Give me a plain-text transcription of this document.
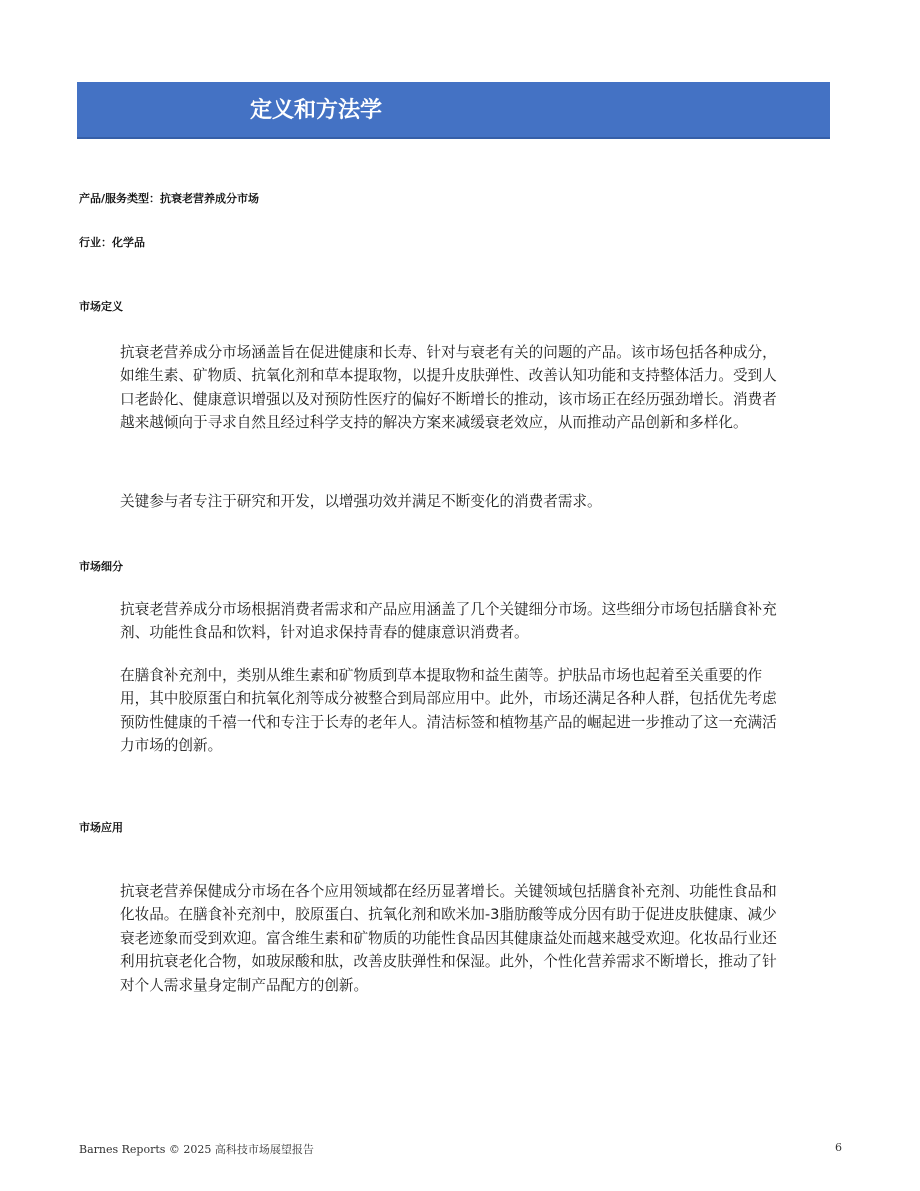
定义和方法学

产品/服务类型：抗衰老营养成分市场

行业：化学品

市场定义

抗衰老营养成分市场涵盖旨在促进健康和长寿、针对与衰老有关的问题的产品。该市场包括各种成分，如维生素、矿物质、抗氧化剂和草本提取物，以提升皮肤弹性、改善认知功能和支持整体活力。受到人口老龄化、健康意识增强以及对预防性医疗的偏好不断增长的推动，该市场正在经历强劲增长。消费者越来越倾向于寻求自然且经过科学支持的解决方案来减缓衰老效应，从而推动产品创新和多样化。

关键参与者专注于研究和开发，以增强功效并满足不断变化的消费者需求。

市场细分

抗衰老营养成分市场根据消费者需求和产品应用涵盖了几个关键细分市场。这些细分市场包括膳食补充剂、功能性食品和饮料，针对追求保持青春的健康意识消费者。

在膳食补充剂中，类别从维生素和矿物质到草本提取物和益生菌等。护肤品市场也起着至关重要的作用，其中胶原蛋白和抗氧化剂等成分被整合到局部应用中。此外，市场还满足各种人群，包括优先考虑预防性健康的千禧一代和专注于长寿的老年人。清洁标签和植物基产品的崛起进一步推动了这一充满活力市场的创新。

市场应用

抗衰老营养保健成分市场在各个应用领域都在经历显著增长。关键领域包括膳食补充剂、功能性食品和化妆品。在膳食补充剂中，胶原蛋白、抗氧化剂和欧米加-3脂肪酸等成分因有助于促进皮肤健康、减少衰老迹象而受到欢迎。富含维生素和矿物质的功能性食品因其健康益处而越来越受欢迎。化妆品行业还利用抗衰老化合物，如玻尿酸和肽，改善皮肤弹性和保湿。此外，个性化营养需求不断增长，推动了针对个人需求量身定制产品配方的创新。

Barnes Reports © 2025 高科技市场展望报告	6
